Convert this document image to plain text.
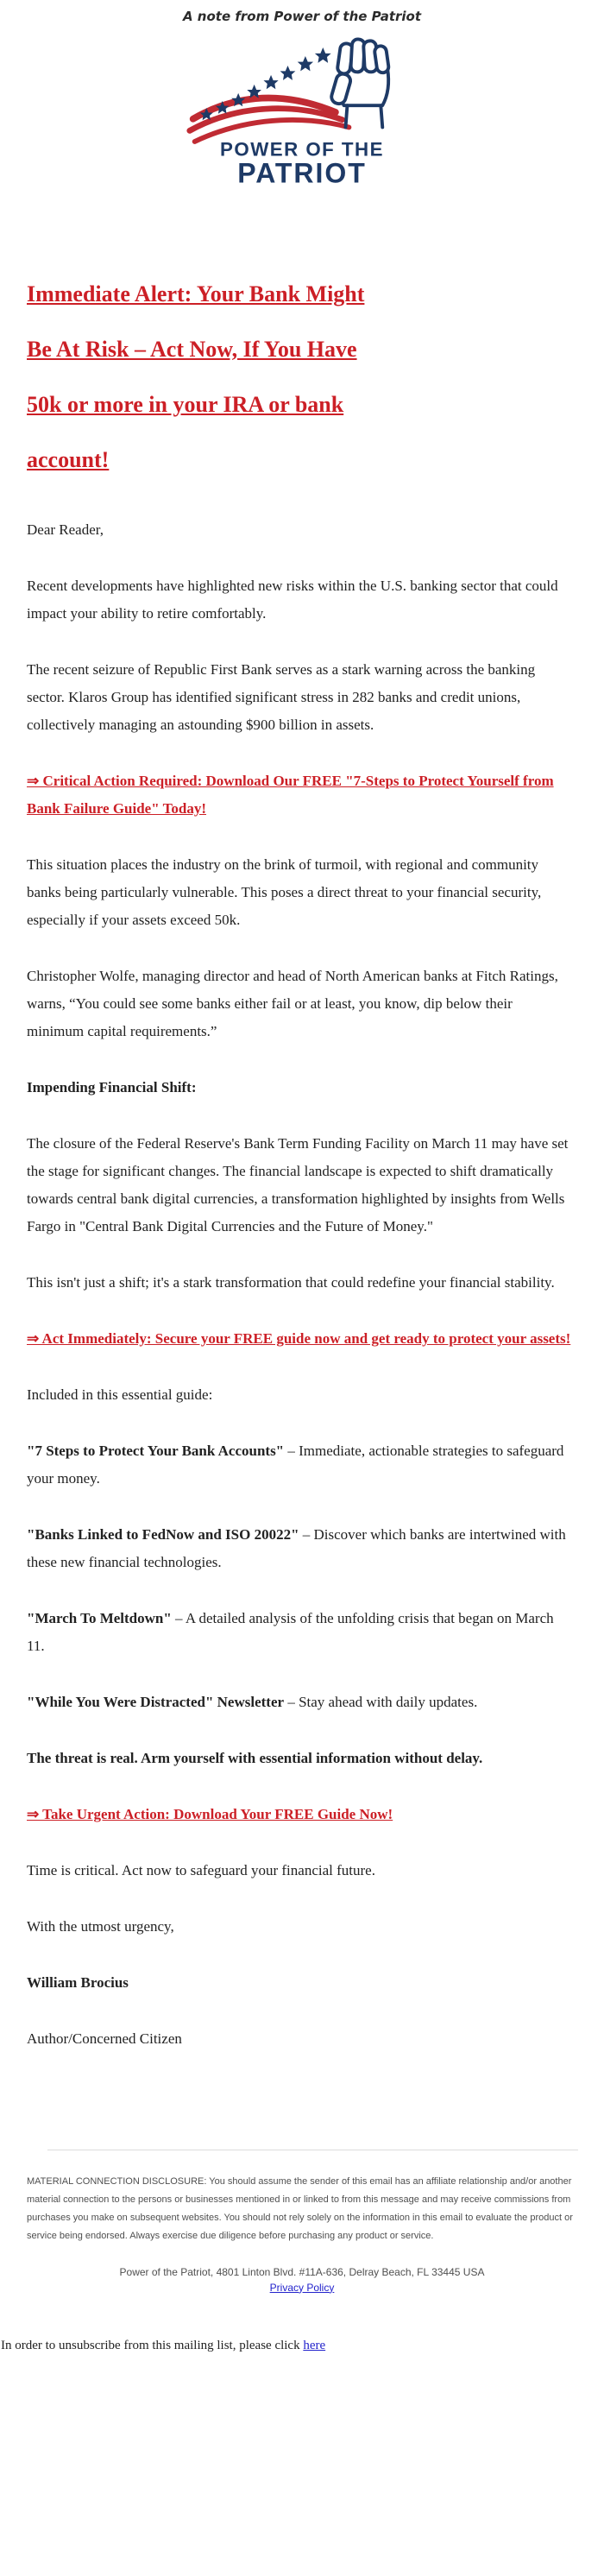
A note from Power of the Patriot
POWER OF THE
PATRIOT
Immediate Alert: Your Bank Might
Be At Risk – Act Now, If You Have
50k or more in your IRA or bank
account!

Dear Reader,

Recent developments have highlighted new risks within the U.S. banking sector that could impact your ability to retire comfortably.

The recent seizure of Republic First Bank serves as a stark warning across the banking sector. Klaros Group has identified significant stress in 282 banks and credit unions, collectively managing an astounding $900 billion in assets.

⇒ Critical Action Required: Download Our FREE "7-Steps to Protect Yourself from Bank Failure Guide" Today!

This situation places the industry on the brink of turmoil, with regional and community banks being particularly vulnerable. This poses a direct threat to your financial security, especially if your assets exceed 50k.

Christopher Wolfe, managing director and head of North American banks at Fitch Ratings, warns, “You could see some banks either fail or at least, you know, dip below their minimum capital requirements.”

Impending Financial Shift:

The closure of the Federal Reserve's Bank Term Funding Facility on March 11 may have set the stage for significant changes. The financial landscape is expected to shift dramatically towards central bank digital currencies, a transformation highlighted by insights from Wells Fargo in "Central Bank Digital Currencies and the Future of Money."

This isn't just a shift; it's a stark transformation that could redefine your financial stability.

⇒ Act Immediately: Secure your FREE guide now and get ready to protect your assets!

Included in this essential guide:

"7 Steps to Protect Your Bank Accounts" – Immediate, actionable strategies to safeguard your money.

"Banks Linked to FedNow and ISO 20022" – Discover which banks are intertwined with these new financial technologies.

"March To Meltdown" – A detailed analysis of the unfolding crisis that began on March 11.

"While You Were Distracted" Newsletter – Stay ahead with daily updates.

The threat is real. Arm yourself with essential information without delay.

⇒ Take Urgent Action: Download Your FREE Guide Now!

Time is critical. Act now to safeguard your financial future.

With the utmost urgency,

William Brocius

Author/Concerned Citizen

MATERIAL CONNECTION DISCLOSURE: You should assume the sender of this email has an affiliate relationship and/or another material connection to the persons or businesses mentioned in or linked to from this message and may receive commissions from purchases you make on subsequent websites. You should not rely solely on the information in this email to evaluate the product or service being endorsed. Always exercise due diligence before purchasing any product or service.
Power of the Patriot, 4801 Linton Blvd. #11A-636, Delray Beach, FL 33445 USA
Privacy Policy
In order to unsubscribe from this mailing list, please click here
